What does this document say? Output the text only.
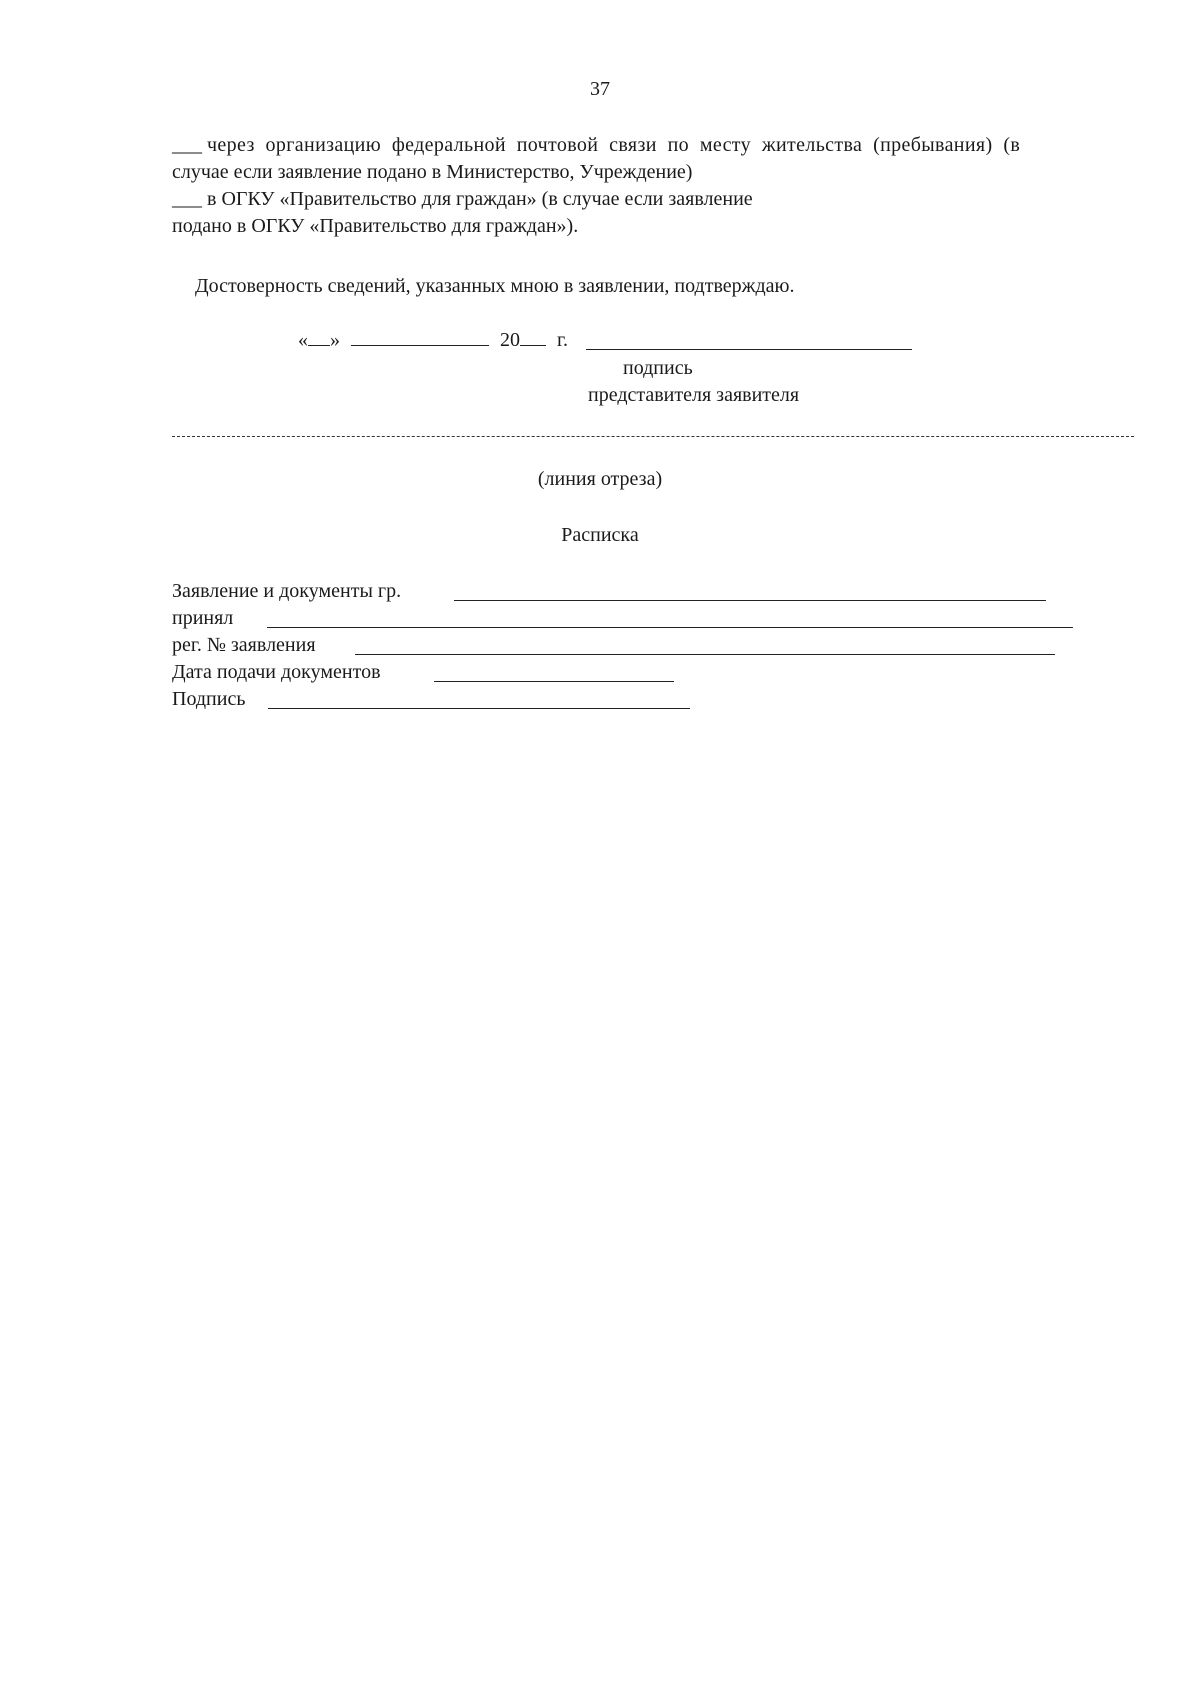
37
___ через организацию федеральной почтовой связи по месту жительства (пребывания) (в
случае если заявление подано в Министерство, Учреждение)
___ в ОГКУ «Правительство для граждан» (в случае если заявление
подано в ОГКУ «Правительство для граждан»).
Достоверность сведений, указанных мною в заявлении, подтверждаю.
« »	20 г.
подпись
представителя заявителя
(линия отреза)
Расписка
Заявление и документы гр.
принял
рег. № заявления
Дата подачи документов
Подпись
